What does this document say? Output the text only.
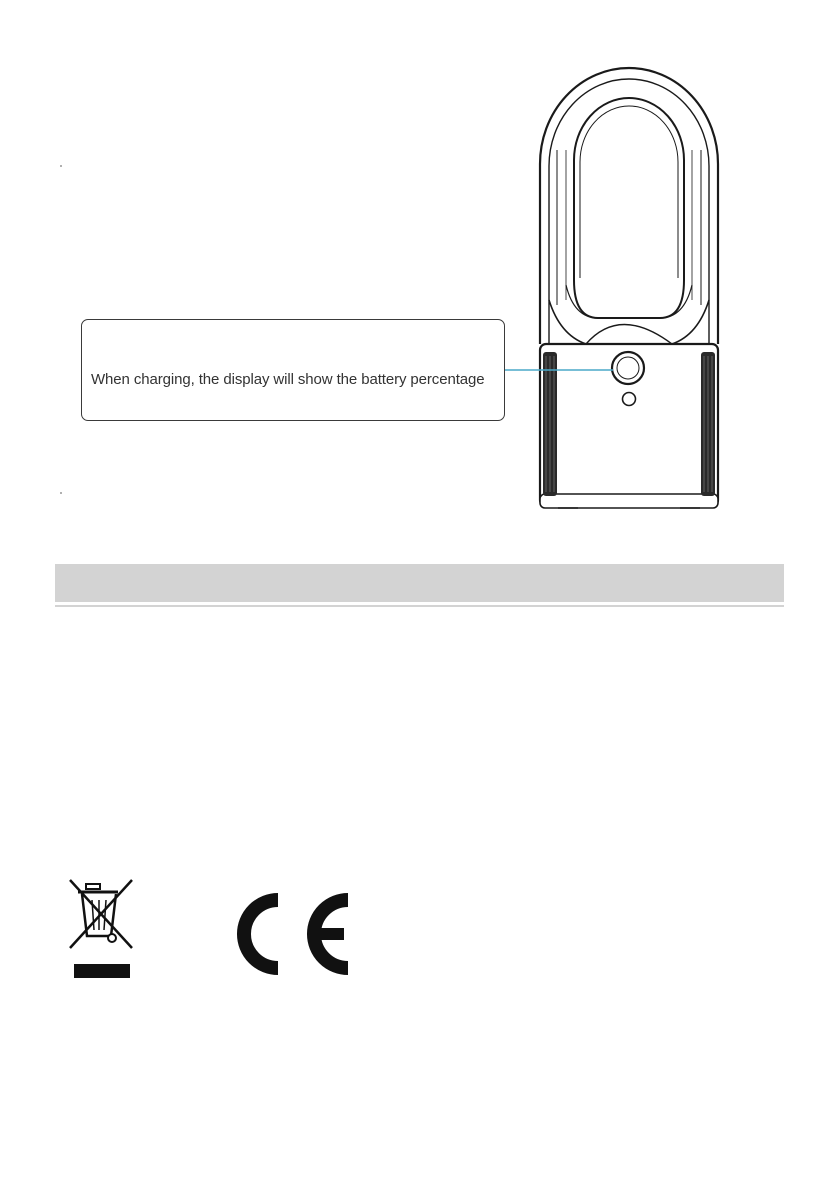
When charging, the display will show the battery percentage
